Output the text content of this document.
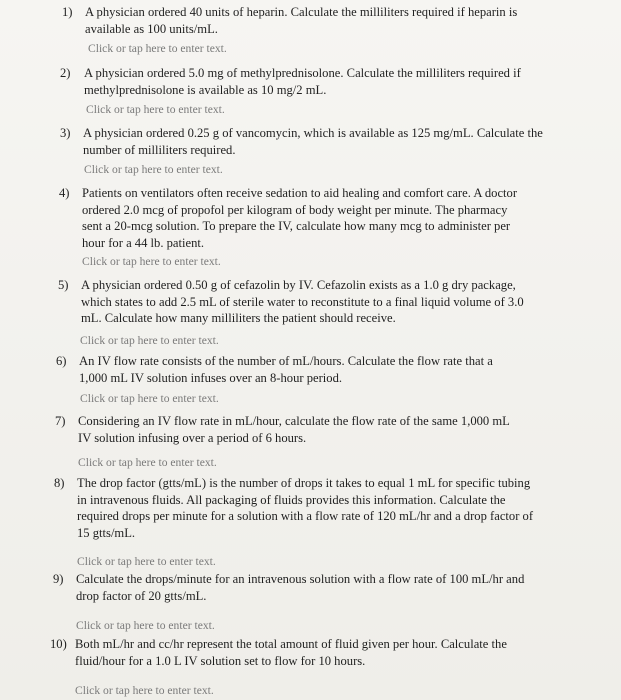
1) A physician ordered 40 units of heparin. Calculate the milliliters required if heparin is available as 100 units/mL.
Click or tap here to enter text.
2) A physician ordered 5.0 mg of methylprednisolone. Calculate the milliliters required if methylprednisolone is available as 10 mg/2 mL.
Click or tap here to enter text.
3) A physician ordered 0.25 g of vancomycin, which is available as 125 mg/mL. Calculate the number of milliliters required.
Click or tap here to enter text.
4) Patients on ventilators often receive sedation to aid healing and comfort care. A doctor ordered 2.0 mcg of propofol per kilogram of body weight per minute. The pharmacy sent a 20-mcg solution. To prepare the IV, calculate how many mcg to administer per hour for a 44 lb. patient.
Click or tap here to enter text.
5) A physician ordered 0.50 g of cefazolin by IV. Cefazolin exists as a 1.0 g dry package, which states to add 2.5 mL of sterile water to reconstitute to a final liquid volume of 3.0 mL. Calculate how many milliliters the patient should receive.
Click or tap here to enter text.
6) An IV flow rate consists of the number of mL/hours. Calculate the flow rate that a 1,000 mL IV solution infuses over an 8-hour period.
Click or tap here to enter text.
7) Considering an IV flow rate in mL/hour, calculate the flow rate of the same 1,000 mL IV solution infusing over a period of 6 hours.
Click or tap here to enter text.
8) The drop factor (gtts/mL) is the number of drops it takes to equal 1 mL for specific tubing in intravenous fluids. All packaging of fluids provides this information. Calculate the required drops per minute for a solution with a flow rate of 120 mL/hr and a drop factor of 15 gtts/mL.
Click or tap here to enter text.
9) Calculate the drops/minute for an intravenous solution with a flow rate of 100 mL/hr and drop factor of 20 gtts/mL.
Click or tap here to enter text.
10) Both mL/hr and cc/hr represent the total amount of fluid given per hour. Calculate the fluid/hour for a 1.0 L IV solution set to flow for 10 hours.
Click or tap here to enter text.
